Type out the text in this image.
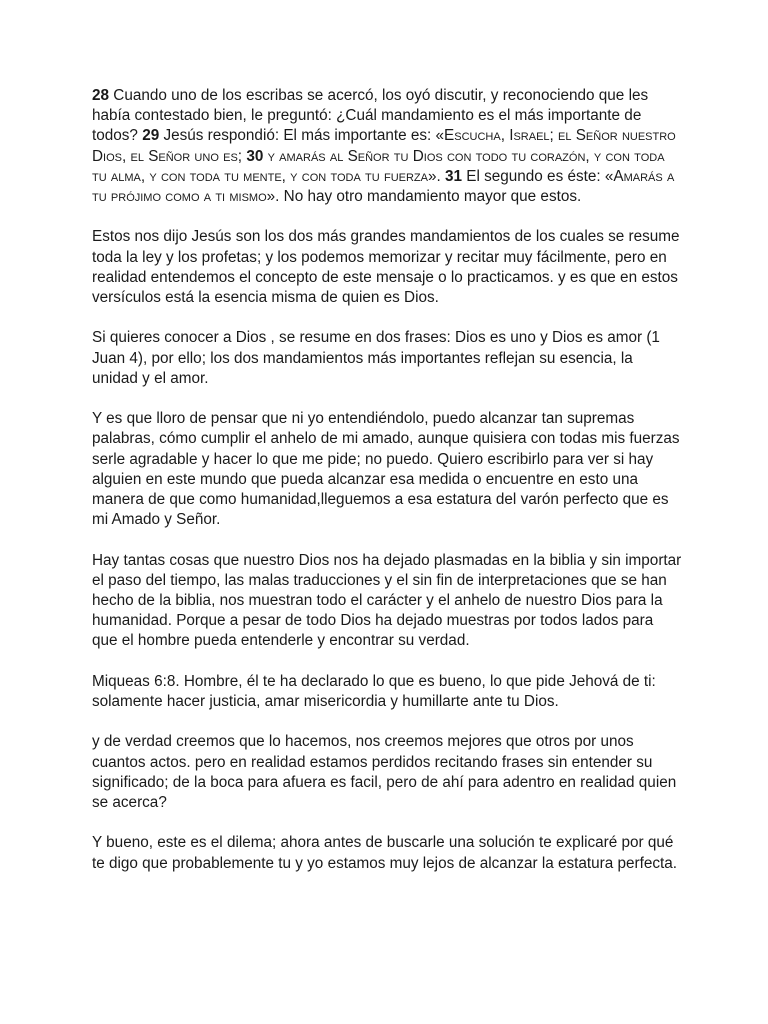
28 Cuando uno de los escribas se acercó, los oyó discutir, y reconociendo que les había contestado bien, le preguntó: ¿Cuál mandamiento es el más importante de todos? 29 Jesús respondió: El más importante es: «Escucha, Israel; el Señor nuestro Dios, el Señor uno es; 30 y amarás al Señor tu Dios con todo tu corazón, y con toda tu alma, y con toda tu mente, y con toda tu fuerza». 31 El segundo es éste: «Amarás a tu prójimo como a ti mismo». No hay otro mandamiento mayor que estos.

Estos nos dijo Jesús son los dos más grandes mandamientos de los cuales se resume toda la ley y los profetas; y los podemos memorizar y recitar muy fácilmente, pero en realidad entendemos el concepto de este mensaje o lo practicamos. y es que en estos versículos está la esencia misma de quien es Dios.

Si quieres conocer a Dios , se resume en dos frases: Dios es uno y Dios es amor (1 Juan 4), por ello; los dos mandamientos más importantes reflejan su esencia, la unidad y el amor.

Y es que lloro de pensar que ni yo entendiéndolo, puedo alcanzar tan supremas palabras, cómo cumplir el anhelo de mi amado, aunque quisiera con todas mis fuerzas serle agradable y hacer lo que me pide; no puedo. Quiero escribirlo para ver si hay alguien en este mundo que pueda alcanzar esa medida o encuentre en esto una manera de que como humanidad,lleguemos a esa estatura del varón perfecto que es mi Amado y Señor.

Hay tantas cosas que nuestro Dios nos ha dejado plasmadas en la biblia y sin importar el paso del tiempo, las malas traducciones y el sin fin de interpretaciones que se han hecho de la biblia, nos muestran todo el carácter y el anhelo de nuestro Dios para la humanidad. Porque a pesar de todo Dios ha dejado muestras por todos lados para que el hombre pueda entenderle y encontrar su verdad.

Miqueas 6:8. Hombre, él te ha declarado lo que es bueno, lo que pide Jehová de ti: solamente hacer justicia, amar misericordia y humillarte ante tu Dios.

y de verdad creemos que lo hacemos, nos creemos mejores que otros por unos cuantos actos. pero en realidad estamos perdidos recitando frases sin entender su significado; de la boca para afuera es facil, pero de ahí para adentro en realidad quien se acerca?

Y bueno, este es el dilema; ahora antes de buscarle una solución te explicaré por qué te digo que probablemente tu y yo estamos muy lejos de alcanzar la estatura perfecta.
